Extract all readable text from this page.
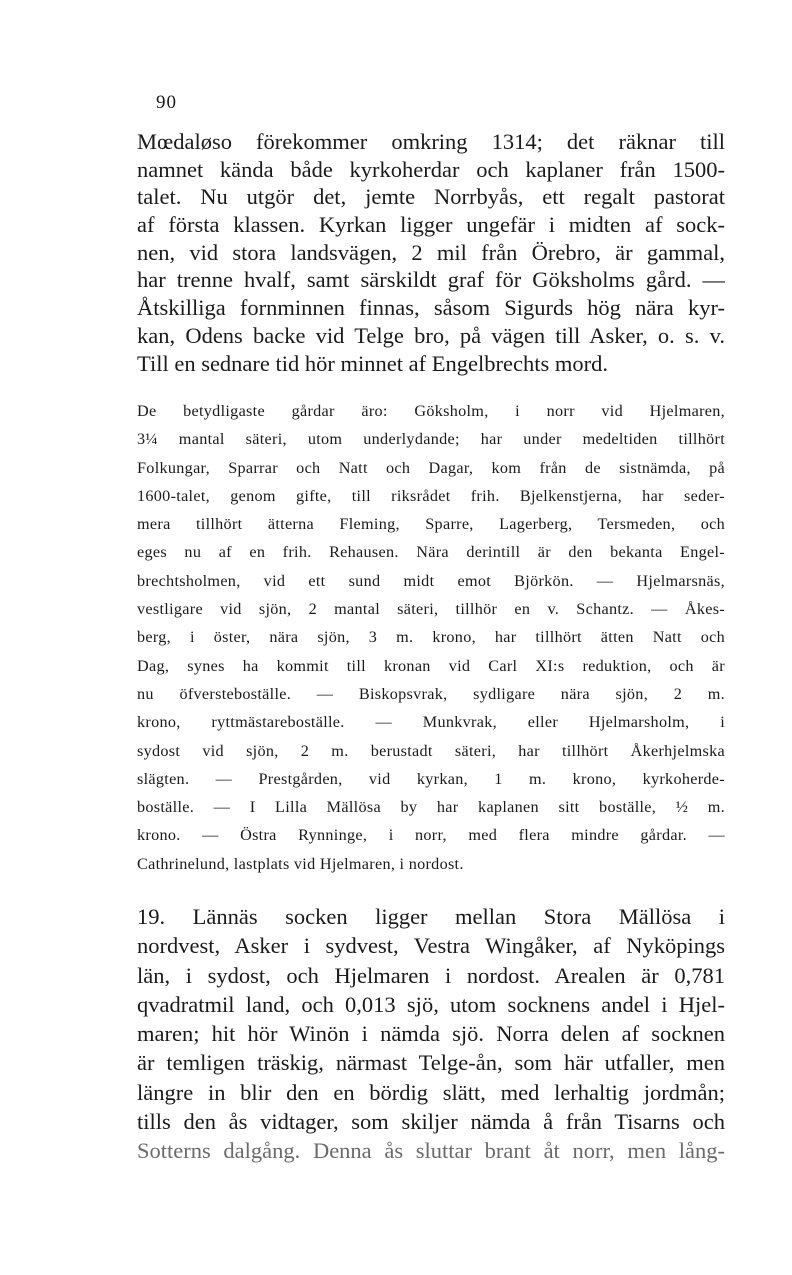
90
Mœdaløso förekommer omkring 1314; det räknar till
namnet kända både kyrkoherdar och kaplaner från 1500-
talet. Nu utgör det, jemte Norrbyås, ett regalt pastorat
af första klassen. Kyrkan ligger ungefär i midten af sock-
nen, vid stora landsvägen, 2 mil från Örebro, är gammal,
har trenne hvalf, samt särskildt graf för Göksholms gård. —
Åtskilliga fornminnen finnas, såsom Sigurds hög nära kyr-
kan, Odens backe vid Telge bro, på vägen till Asker, o. s. v.
Till en sednare tid hör minnet af Engelbrechts mord.
De betydligaste gårdar äro: Göksholm, i norr vid Hjelmaren,
3¼ mantal säteri, utom underlydande; har under medeltiden tillhört
Folkungar, Sparrar och Natt och Dagar, kom från de sistnämda, på
1600-talet, genom gifte, till riksrådet frih. Bjelkenstjerna, har seder-
mera tillhört ätterna Fleming, Sparre, Lagerberg, Tersmeden, och
eges nu af en frih. Rehausen. Nära derintill är den bekanta Engel-
brechtsholmen, vid ett sund midt emot Björkön. — Hjelmarsnäs,
vestligare vid sjön, 2 mantal säteri, tillhör en v. Schantz. — Åkes-
berg, i öster, nära sjön, 3 m. krono, har tillhört ätten Natt och
Dag, synes ha kommit till kronan vid Carl XI:s reduktion, och är
nu öfversteboställe. — Biskopsvrak, sydligare nära sjön, 2 m.
krono, ryttmästareboställe. — Munkvrak, eller Hjelmarsholm, i
sydost vid sjön, 2 m. berustadt säteri, har tillhört Åkerhjelmska
slägten. — Prestgården, vid kyrkan, 1 m. krono, kyrkoherde-
boställe. — I Lilla Mällösa by har kaplanen sitt boställe, ½ m.
krono. — Östra Rynninge, i norr, med flera mindre gårdar. —
Cathrinelund, lastplats vid Hjelmaren, i nordost.
19. Lännäs socken ligger mellan Stora Mällösa i
nordvest, Asker i sydvest, Vestra Wingåker, af Nyköpings
län, i sydost, och Hjelmaren i nordost. Arealen är 0,781
qvadratmil land, och 0,013 sjö, utom socknens andel i Hjel-
maren; hit hör Winön i nämda sjö. Norra delen af socknen
är temligen träskig, närmast Telge-ån, som här utfaller, men
längre in blir den en bördig slätt, med lerhaltig jordmån;
tills den ås vidtager, som skiljer nämda å från Tisarns och
Sotterns dalgång. Denna ås sluttar brant åt norr, men lång-
